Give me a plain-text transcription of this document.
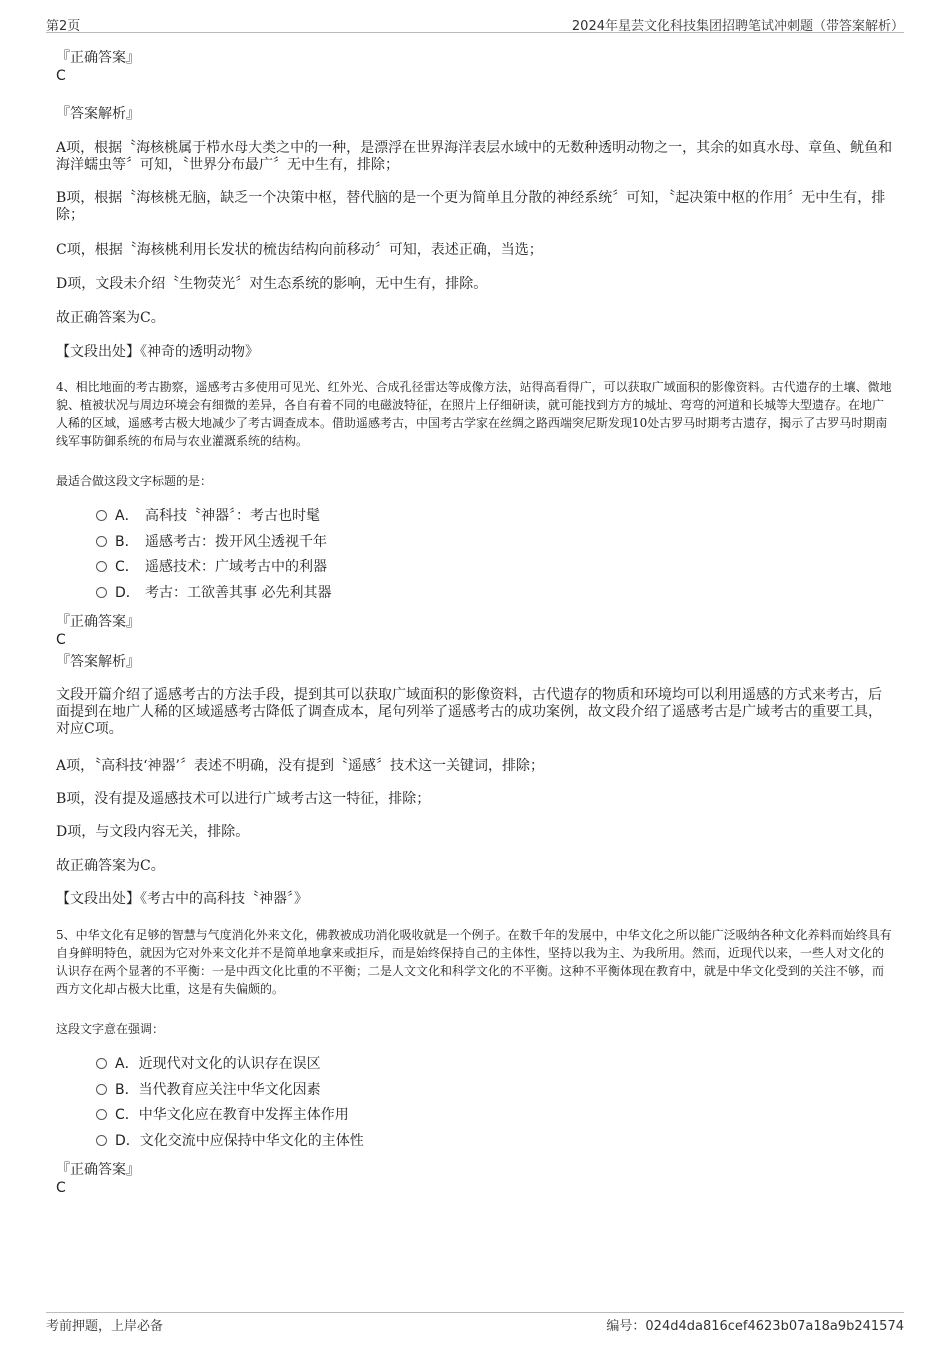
第2页	2024年星芸文化科技集团招聘笔试冲刺题（带答案解析）
『正确答案』
C
『答案解析』
A项，根据〝海核桃属于栉水母大类之中的一种，是漂浮在世界海洋表层水域中的无数种透明动物之一，其余的如真水母、章鱼、鱿鱼和海洋蠕虫等〞可知，〝世界分布最广〞无中生有，排除；
B项，根据〝海核桃无脑，缺乏一个决策中枢，替代脑的是一个更为简单且分散的神经系统〞可知，〝起决策中枢的作用〞无中生有，排除；
C项，根据〝海核桃利用长发状的梳齿结构向前移动〞可知，表述正确，当选；
D项，文段未介绍〝生物荧光〞对生态系统的影响，无中生有，排除。
故正确答案为C。
【文段出处】《神奇的透明动物》
4、相比地面的考古勘察，遥感考古多使用可见光、红外光、合成孔径雷达等成像方法，站得高看得广，可以获取广域面积的影像资料。古代遗存的土壤、微地貌、植被状况与周边环境会有细微的差异，各自有着不同的电磁波特征，在照片上仔细研读，就可能找到方方的城址、弯弯的河道和长城等大型遗存。在地广人稀的区域，遥感考古极大地减少了考古调查成本。借助遥感考古，中国考古学家在丝绸之路西端突尼斯发现10处古罗马时期考古遗存，揭示了古罗马时期南线军事防御系统的布局与农业灌溉系统的结构。
最适合做这段文字标题的是：
A． 高科技〝神器〞：考古也时髦
B． 遥感考古：拨开风尘透视千年
C． 遥感技术：广域考古中的利器
D． 考古：工欲善其事 必先利其器
『正确答案』
C
『答案解析』
文段开篇介绍了遥感考古的方法手段，提到其可以获取广域面积的影像资料，古代遗存的物质和环境均可以利用遥感的方式来考古，后面提到在地广人稀的区域遥感考古降低了调查成本，尾句列举了遥感考古的成功案例，故文段介绍了遥感考古是广域考古的重要工具，对应C项。
A项，〝高科技‘神器’〞表述不明确，没有提到〝遥感〞技术这一关键词，排除；
B项，没有提及遥感技术可以进行广域考古这一特征，排除；
D项，与文段内容无关，排除。
故正确答案为C。
【文段出处】《考古中的高科技〝神器〞》
5、中华文化有足够的智慧与气度消化外来文化，佛教被成功消化吸收就是一个例子。在数千年的发展中，中华文化之所以能广泛吸纳各种文化养料而始终具有自身鲜明特色，就因为它对外来文化并不是简单地拿来或拒斥，而是始终保持自己的主体性，坚持以我为主、为我所用。然而，近现代以来，一些人对文化的认识存在两个显著的不平衡：一是中西文化比重的不平衡；二是人文文化和科学文化的不平衡。这种不平衡体现在教育中，就是中华文化受到的关注不够，而西方文化却占极大比重，这是有失偏颇的。
这段文字意在强调：
A．近现代对文化的认识存在误区
B．当代教育应关注中华文化因素
C．中华文化应在教育中发挥主体作用
D．文化交流中应保持中华文化的主体性
『正确答案』
C
考前押题，上岸必备	编号：024d4da816cef4623b07a18a9b241574
